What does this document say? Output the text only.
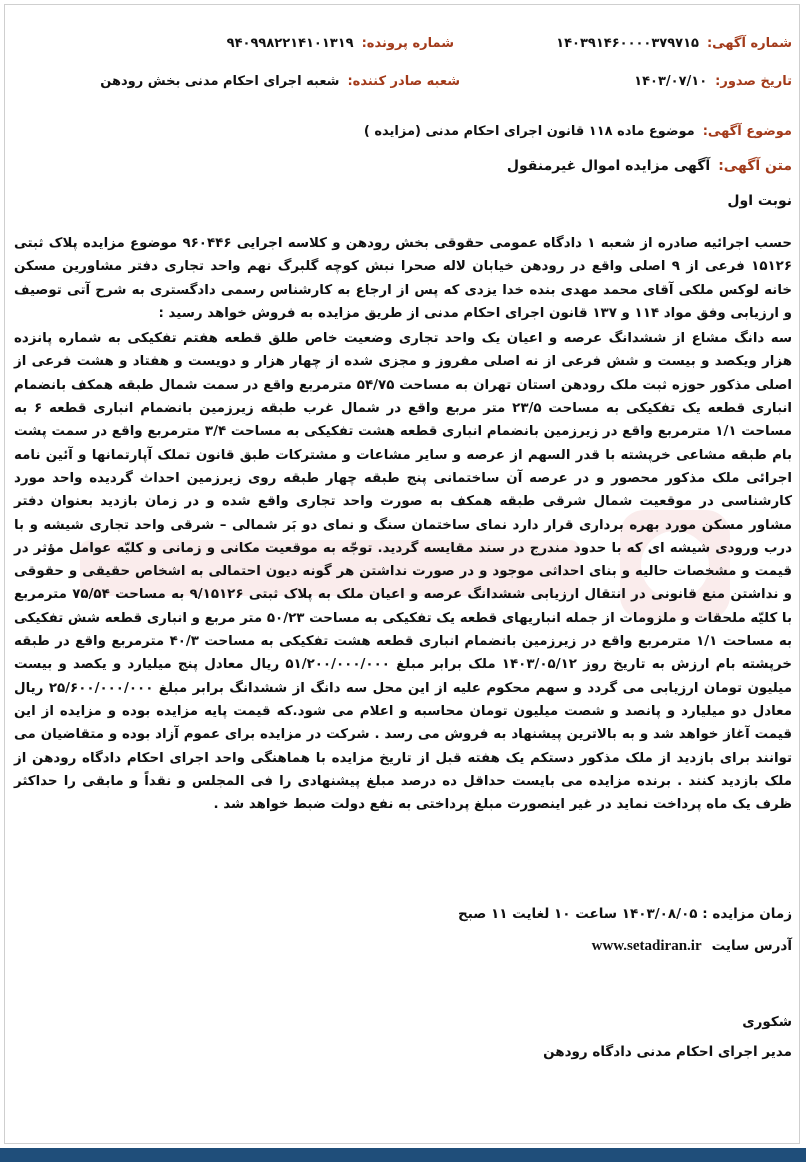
شماره آگهی:۱۴۰۳۹۱۴۶۰۰۰۰۳۷۹۷۱۵
تاریخ صدور:۱۴۰۳/۰۷/۱۰
شماره پرونده:۹۴۰۹۹۸۲۲۱۴۱۰۱۳۱۹
شعبه صادر کننده:شعبه اجرای احکام مدنی بخش رودهن
موضوع آگهی:موضوع ماده ۱۱۸ قانون اجرای احکام مدنی (مزایده )
متن آگهی:آگهی مزایده اموال غیرمنقول
نوبت اول

حسب اجرائیه صادره از شعبه ۱ دادگاه عمومی حقوقی بخش رودهن و کلاسه اجرایی ۹۶۰۴۴۶ موضوع مزایده پلاک ثبتی ۱۵۱۲۶ فرعی از ۹ اصلی واقع در رودهن خیابان لاله صحرا نبش کوچه گلبرگ نهم واحد تجاری دفتر مشاورین مسکن خانه لوکس ملکی آقای محمد مهدی بنده خدا یزدی که پس از ارجاع به کارشناس رسمی دادگستری به شرح آتی توصیف و ارزیابی وفق مواد ۱۱۴ و ۱۳۷ قانون اجرای احکام مدنی از طریق مزایده به فروش خواهد رسید :

سه دانگ مشاع از ششدانگ عرصه و اعیان یک واحد تجاری وضعیت خاص طلق قطعه هفتم تفکیکی به شماره پانزده هزار ویکصد و بیست و شش فرعی از نه اصلی مفروز و مجزی شده از چهار هزار و دویست و هفتاد و هشت فرعی از اصلی مذکور حوزه ثبت ملک رودهن استان تهران به مساحت ۵۴/۷۵ مترمربع واقع در سمت شمال طبقه همکف بانضمام انباری قطعه یک تفکیکی به مساحت ۲۳/۵ متر مربع واقع در شمال غرب طبقه زیرزمین بانضمام انباری قطعه ۶ به مساحت ۱/۱ مترمربع واقع در زیرزمین بانضمام انباری قطعه هشت تفکیکی به مساحت ۳/۴ مترمربع واقع در سمت پشت بام طبقه مشاعی خرپشته با قدر السهم از عرصه و سایر مشاعات و مشترکات طبق قانون تملک آپارتمانها و آئین نامه اجرائی ملک مذکور محصور و در عرصه آن ساختمانی پنج طبقه چهار طبقه روی زیرزمین احداث گردیده واحد مورد کارشناسی در موقعیت شمال شرقی طبقه همکف به صورت واحد تجاری واقع شده و در زمان بازدید بعنوان دفتر مشاور مسکن مورد بهره برداری قرار دارد نمای ساختمان سنگ و نمای دو بَر شمالی – شرقی واحد تجاری شیشه و با درب ورودی شیشه ای که با حدود مندرج در سند مقایسه گردید. توجّه به موقعیت مکانی و زمانی و کلیّه عوامل مؤثر در قیمت و مشخصات حالیه و بنای احداثی موجود و در صورت نداشتن هر گونه دیون احتمالی به اشخاص حقیقی و حقوقی و نداشتن منع قانونی در انتقال ارزیابی ششدانگ عرصه و اعیان ملک به پلاک ثبتی ۹/۱۵۱۲۶ به مساحت ۷۵/۵۴ مترمربع با کلیّه ملحقات و ملزومات از جمله انباریهای قطعه یک تفکیکی به مساحت ۵۰/۲۳ متر مربع و انباری قطعه شش تفکیکی به مساحت ۱/۱ مترمربع واقع در زیرزمین بانضمام انباری قطعه هشت تفکیکی به مساحت ۴۰/۳ مترمربع واقع در طبقه خرپشته بام ارزش به تاریخ روز ۱۴۰۳/۰۵/۱۲ ملک برابر مبلغ ۵۱/۲۰۰/۰۰۰/۰۰۰ ریال معادل پنج میلیارد و یکصد و بیست میلیون تومان ارزیابی می گردد و سهم محکوم علیه از این محل سه دانگ از ششدانگ برابر مبلغ ۲۵/۶۰۰/۰۰۰/۰۰۰ ریال معادل دو میلیارد و پانصد و شصت میلیون تومان محاسبه و اعلام می شود.که قیمت پایه مزایده بوده و مزایده از این قیمت آغاز خواهد شد و به بالاترین پیشنهاد به فروش می رسد . شرکت در مزایده برای عموم آزاد بوده و متقاضیان می توانند برای بازدید از ملک مذکور دستکم یک هفته قبل از تاریخ مزایده با هماهنگی واحد اجرای احکام دادگاه رودهن از ملک بازدید کنند . برنده مزایده می بایست حداقل ده درصد مبلغ پیشنهادی را فی المجلس و نقداً و مابقی را حداکثر ظرف یک ماه پرداخت نماید در غیر اینصورت مبلغ پرداختی به نفع دولت ضبط خواهد شد .

زمان مزایده : ۱۴۰۳/۰۸/۰۵ ساعت ۱۰ لغایت ۱۱ صبح
آدرس سایتwww.setadiran.ir
شکوری
مدیر اجرای احکام مدنی دادگاه رودهن
